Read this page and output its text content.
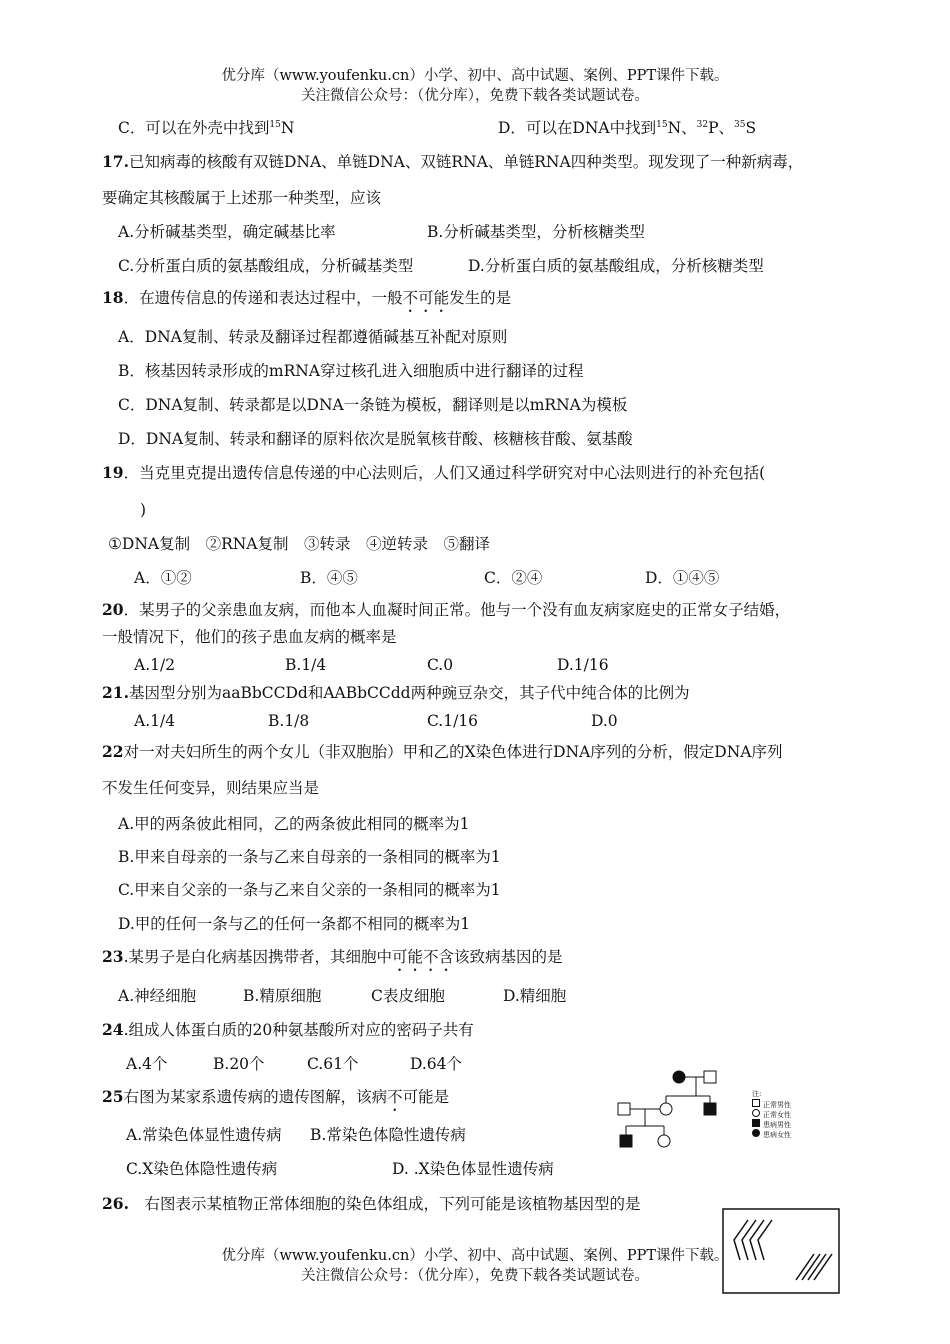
优分库（www.youfenku.cn）小学、初中、高中试题、案例、PPT课件下载。
关注微信公众号：（优分库），免费下载各类试题试卷。
C．可以在外壳中找到$^{15}$N	D．可以在DNA中找到$^{15}$N、$^{32}$P、$^{35}$S
17.已知病毒的核酸有双链DNA、单链DNA、双链RNA、单链RNA四种类型。现发现了一种新病毒，
要确定其核酸属于上述那一种类型，应该
A.分析碱基类型，确定碱基比率	B.分析碱基类型，分析核糖类型
C.分析蛋白质的氨基酸组成，分析碱基类型	D.分析蛋白质的氨基酸组成，分析核糖类型
18．在遗传信息的传递和表达过程中，一般不可能发生的是
A．DNA复制、转录及翻译过程都遵循碱基互补配对原则
B．核基因转录形成的mRNA穿过核孔进入细胞质中进行翻译的过程
C．DNA复制、转录都是以DNA一条链为模板，翻译则是以mRNA为模板
D．DNA复制、转录和翻译的原料依次是脱氧核苷酸、核糖核苷酸、氨基酸
19．当克里克提出遗传信息传递的中心法则后，人们又通过科学研究对中心法则进行的补充包括(
)
①DNA复制　②RNA复制　③转录　④逆转录　⑤翻译
A．①②	B．④⑤	C．②④	D．①④⑤
20．某男子的父亲患血友病，而他本人血凝时间正常。他与一个没有血友病家庭史的正常女子结婚，
一般情况下，他们的孩子患血友病的概率是
A.1/2	B.1/4	C.0	D.1/16
21.基因型分别为aaBbCCDd和AABbCCdd两种豌豆杂交，其子代中纯合体的比例为
A.1/4	B.1/8	C.1/16	D.0
22对一对夫妇所生的两个女儿（非双胞胎）甲和乙的X染色体进行DNA序列的分析，假定DNA序列
不发生任何变异，则结果应当是
A.甲的两条彼此相同，乙的两条彼此相同的概率为1
B.甲来自母亲的一条与乙来自母亲的一条相同的概率为1
C.甲来自父亲的一条与乙来自父亲的一条相同的概率为1
D.甲的任何一条与乙的任何一条都不相同的概率为1
23.某男子是白化病基因携带者，其细胞中可能不含该致病基因的是
A.神经细胞	B.精原细胞	C表皮细胞	D.精细胞
24.组成人体蛋白质的20种氨基酸所对应的密码子共有
A.4个	B.20个	C.61个	D.64个
25右图为某家系遗传病的遗传图解，该病不可能是
A.常染色体显性遗传病 B.常染色体隐性遗传病
C.X染色体隐性遗传病	D. .X染色体显性遗传病
注:
正常男性
正常女性
患病男性
患病女性
26.　右图表示某植物正常体细胞的染色体组成，下列可能是该植物基因型的是
优分库（www.youfenku.cn）小学、初中、高中试题、案例、PPT课件下载。
关注微信公众号：（优分库），免费下载各类试题试卷。
